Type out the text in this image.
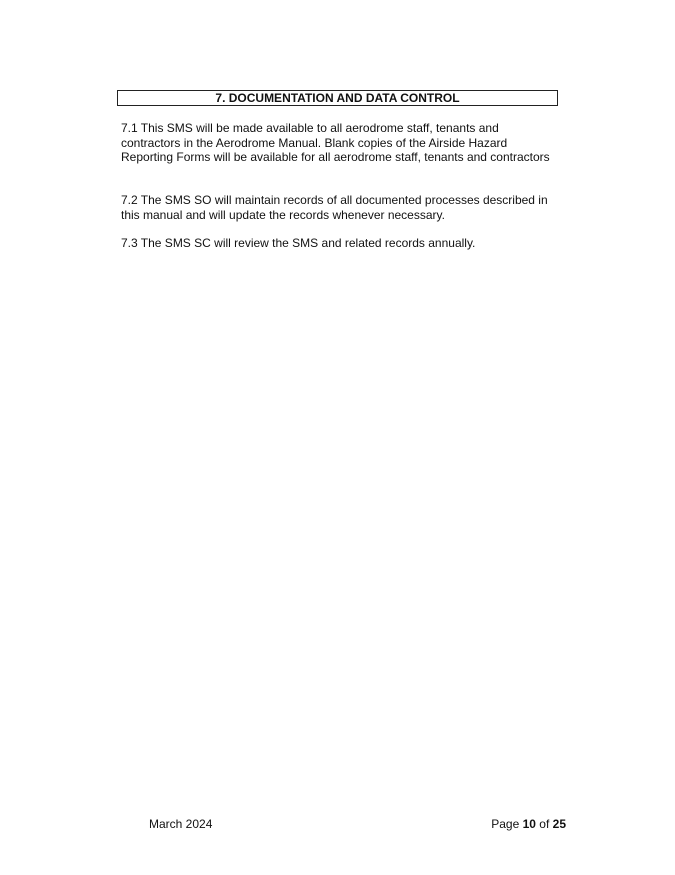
7. DOCUMENTATION AND DATA CONTROL

7.1 This SMS will be made available to all aerodrome staff, tenants and contractors in the Aerodrome Manual. Blank copies of the Airside Hazard Reporting Forms will be available for all aerodrome staff, tenants and contractors

7.2 The SMS SO will maintain records of all documented processes described in this manual and will update the records whenever necessary.

7.3 The SMS SC will review the SMS and related records annually.

March 2024	Page 10 of 25
